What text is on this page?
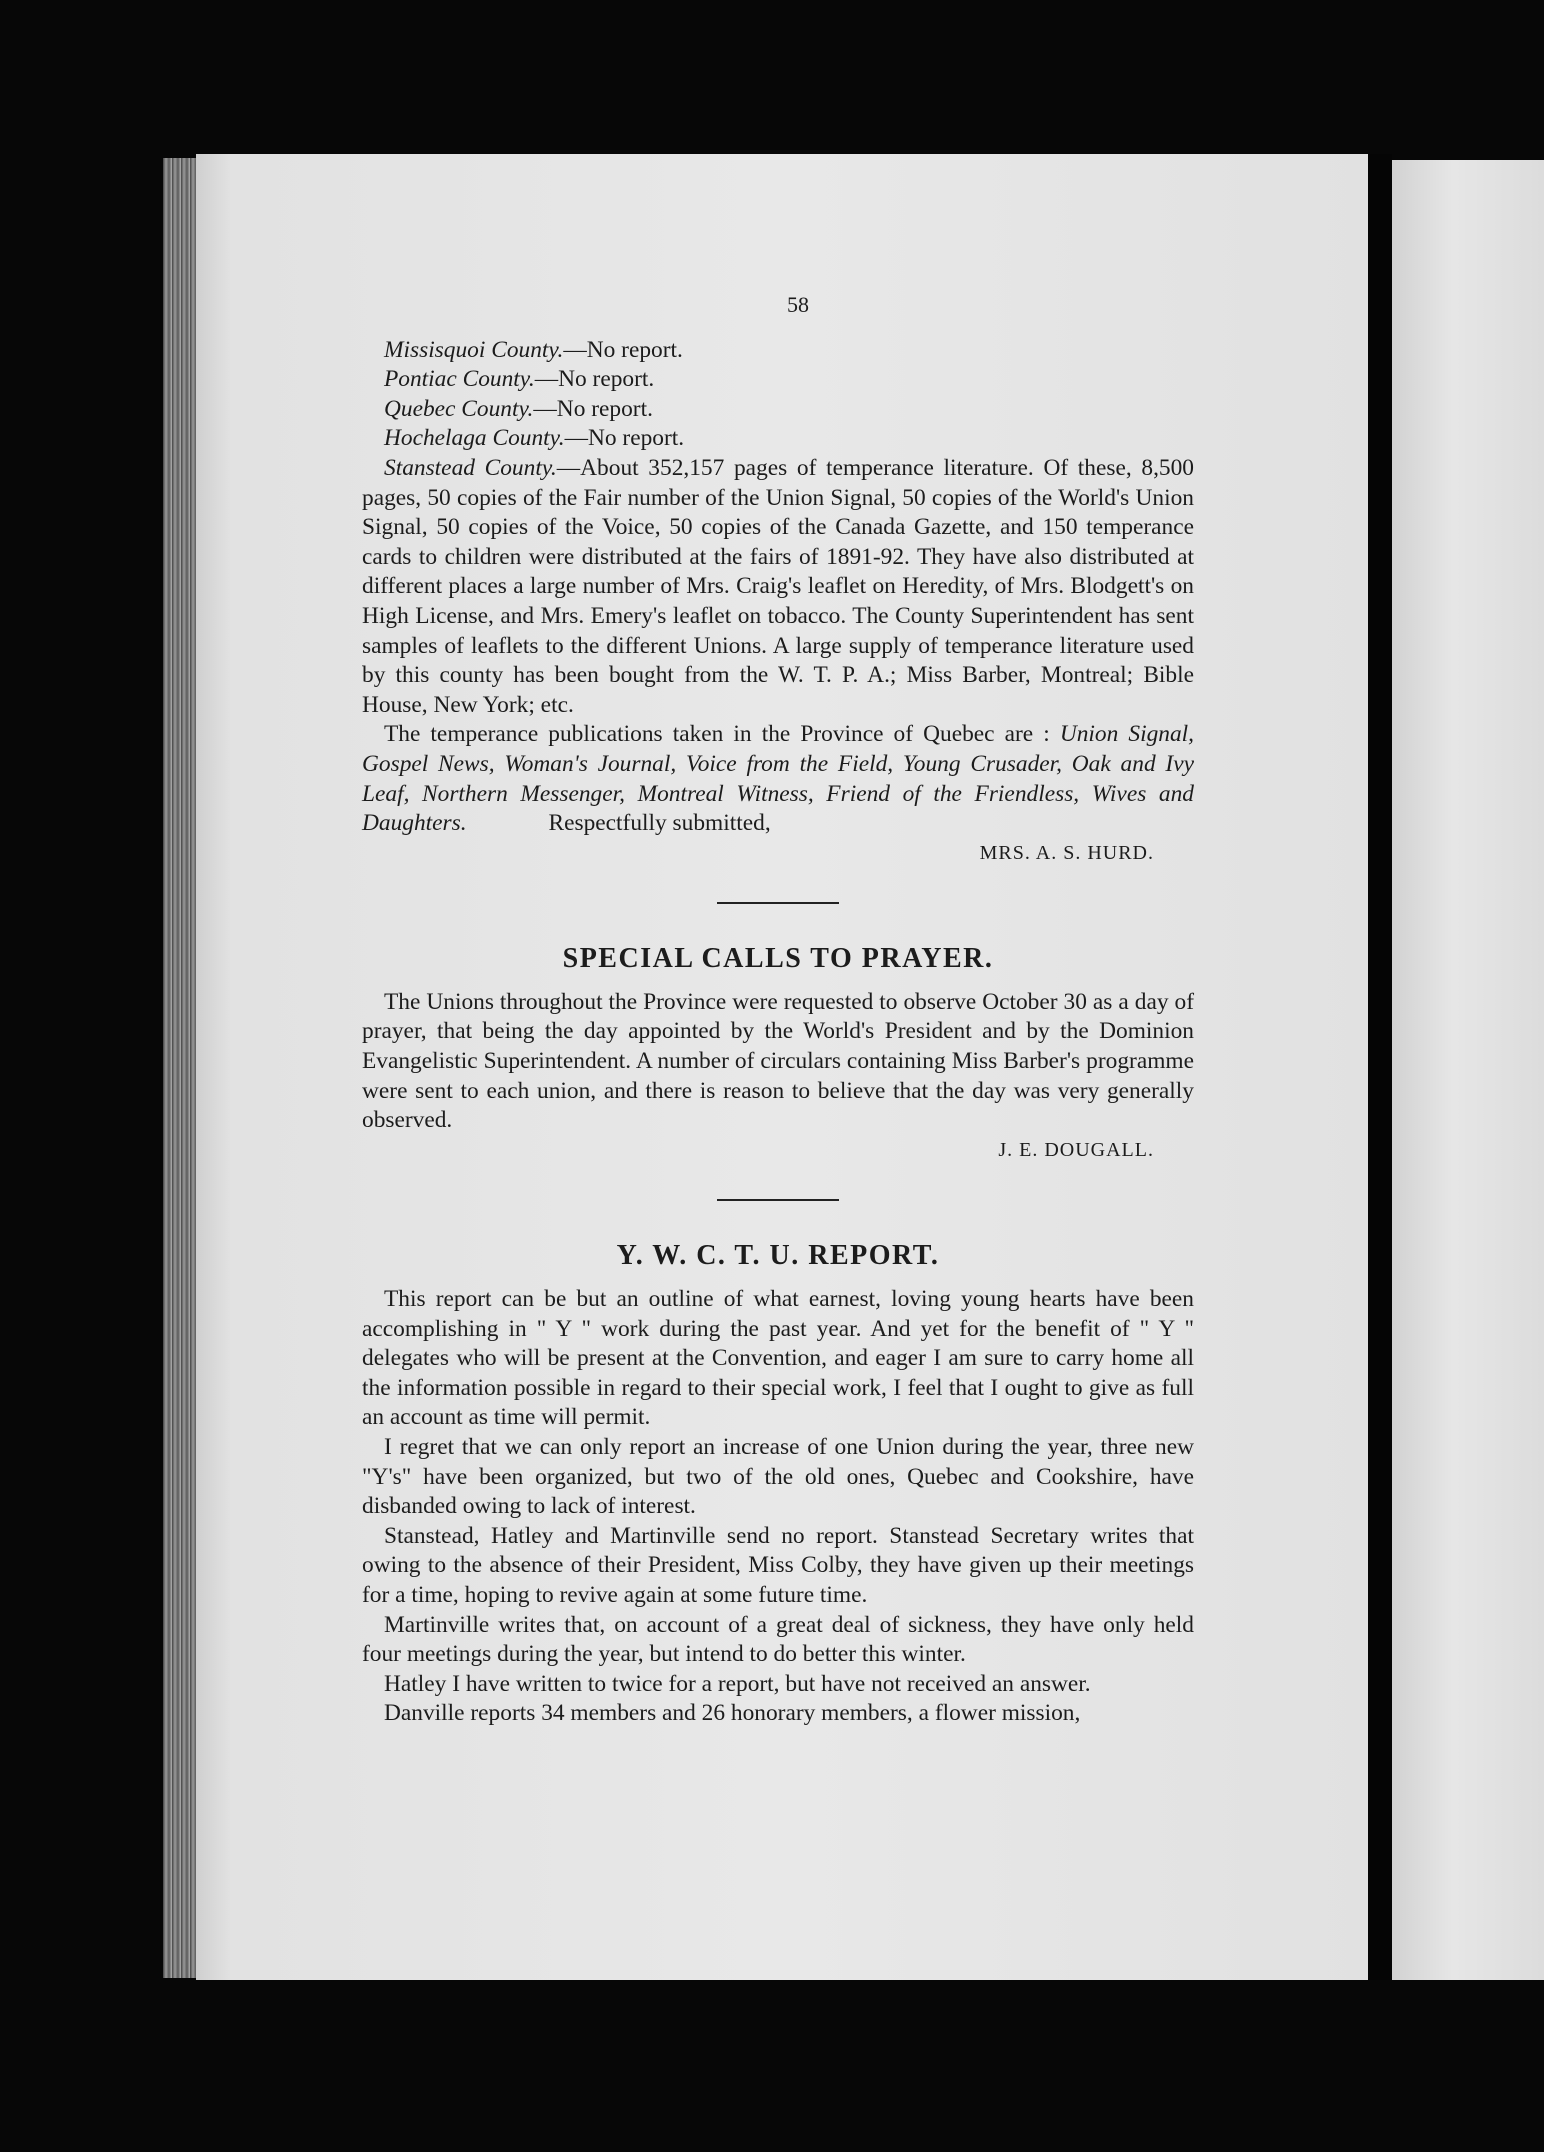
58

Missisquoi County.—No report.

Pontiac County.—No report.

Quebec County.—No report.

Hochelaga County.—No report.

Stanstead County.—About 352,157 pages of temperance literature. Of these, 8,500 pages, 50 copies of the Fair number of the Union Signal, 50 copies of the World's Union Signal, 50 copies of the Voice, 50 copies of the Canada Gazette, and 150 temperance cards to children were distributed at the fairs of 1891-92. They have also distributed at different places a large number of Mrs. Craig's leaflet on Heredity, of Mrs. Blodgett's on High License, and Mrs. Emery's leaflet on tobacco. The County Superintendent has sent samples of leaflets to the different Unions. A large supply of temperance literature used by this county has been bought from the W. T. P. A.; Miss Barber, Montreal; Bible House, New York; etc.

The temperance publications taken in the Province of Quebec are : Union Signal, Gospel News, Woman's Journal, Voice from the Field, Young Crusader, Oak and Ivy Leaf, Northern Messenger, Montreal Witness, Friend of the Friendless, Wives and Daughters.	Respectfully submitted,

MRS. A. S. HURD.

SPECIAL CALLS TO PRAYER.

The Unions throughout the Province were requested to observe October 30 as a day of prayer, that being the day appointed by the World's President and by the Dominion Evangelistic Superintendent. A number of circulars containing Miss Barber's programme were sent to each union, and there is reason to believe that the day was very generally observed.

J. E. DOUGALL.

Y. W. C. T. U. REPORT.

This report can be but an outline of what earnest, loving young hearts have been accomplishing in " Y " work during the past year. And yet for the benefit of " Y " delegates who will be present at the Convention, and eager I am sure to carry home all the information possible in regard to their special work, I feel that I ought to give as full an account as time will permit.

I regret that we can only report an increase of one Union during the year, three new "Y's" have been organized, but two of the old ones, Quebec and Cookshire, have disbanded owing to lack of interest.

Stanstead, Hatley and Martinville send no report. Stanstead Secretary writes that owing to the absence of their President, Miss Colby, they have given up their meetings for a time, hoping to revive again at some future time.

Martinville writes that, on account of a great deal of sickness, they have only held four meetings during the year, but intend to do better this winter.

Hatley I have written to twice for a report, but have not received an answer.

Danville reports 34 members and 26 honorary members, a flower mission,
